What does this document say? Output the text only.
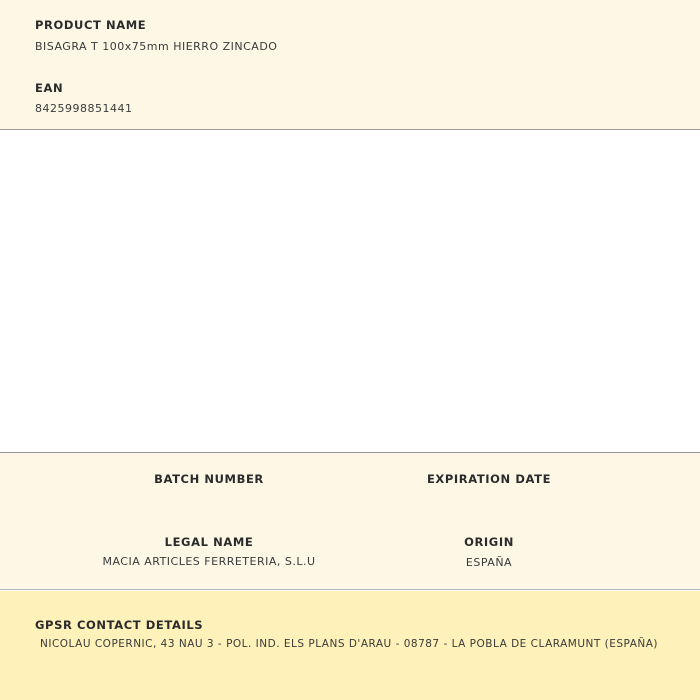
PRODUCT NAME
BISAGRA T 100x75mm HIERRO ZINCADO
EAN
8425998851441
BATCH NUMBER	EXPIRATION DATE
LEGAL NAME
MACIA ARTICLES FERRETERIA, S.L.U
ORIGIN
ESPAÑA
GPSR CONTACT DETAILS
NICOLAU COPERNIC, 43 NAU 3 - POL. IND. ELS PLANS D'ARAU - 08787 - LA POBLA DE CLARAMUNT (ESPAÑA)
